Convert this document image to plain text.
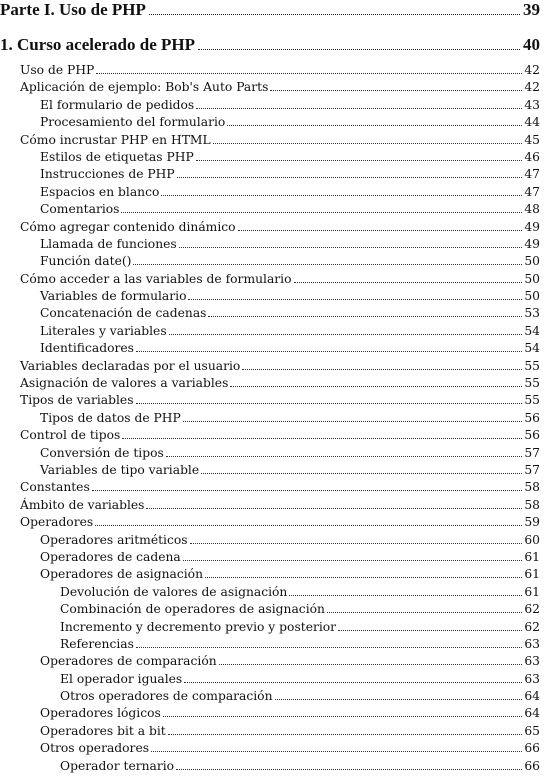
Parte I. Uso de PHP	39
1. Curso acelerado de PHP	40
Uso de PHP	42
Aplicación de ejemplo: Bob's Auto Parts	42
El formulario de pedidos	43
Procesamiento del formulario	44
Cómo incrustar PHP en HTML	45
Estilos de etiquetas PHP	46
Instrucciones de PHP	47
Espacios en blanco	47
Comentarios	48
Cómo agregar contenido dinámico	49
Llamada de funciones	49
Función date()	50
Cómo acceder a las variables de formulario	50
Variables de formulario	50
Concatenación de cadenas	53
Literales y variables	54
Identificadores	54
Variables declaradas por el usuario	55
Asignación de valores a variables	55
Tipos de variables	55
Tipos de datos de PHP	56
Control de tipos	56
Conversión de tipos	57
Variables de tipo variable	57
Constantes	58
Ámbito de variables	58
Operadores	59
Operadores aritméticos	60
Operadores de cadena	61
Operadores de asignación	61
Devolución de valores de asignación	61
Combinación de operadores de asignación	62
Incremento y decremento previo y posterior	62
Referencias	63
Operadores de comparación	63
El operador iguales	63
Otros operadores de comparación	64
Operadores lógicos	64
Operadores bit a bit	65
Otros operadores	66
Operador ternario	66
